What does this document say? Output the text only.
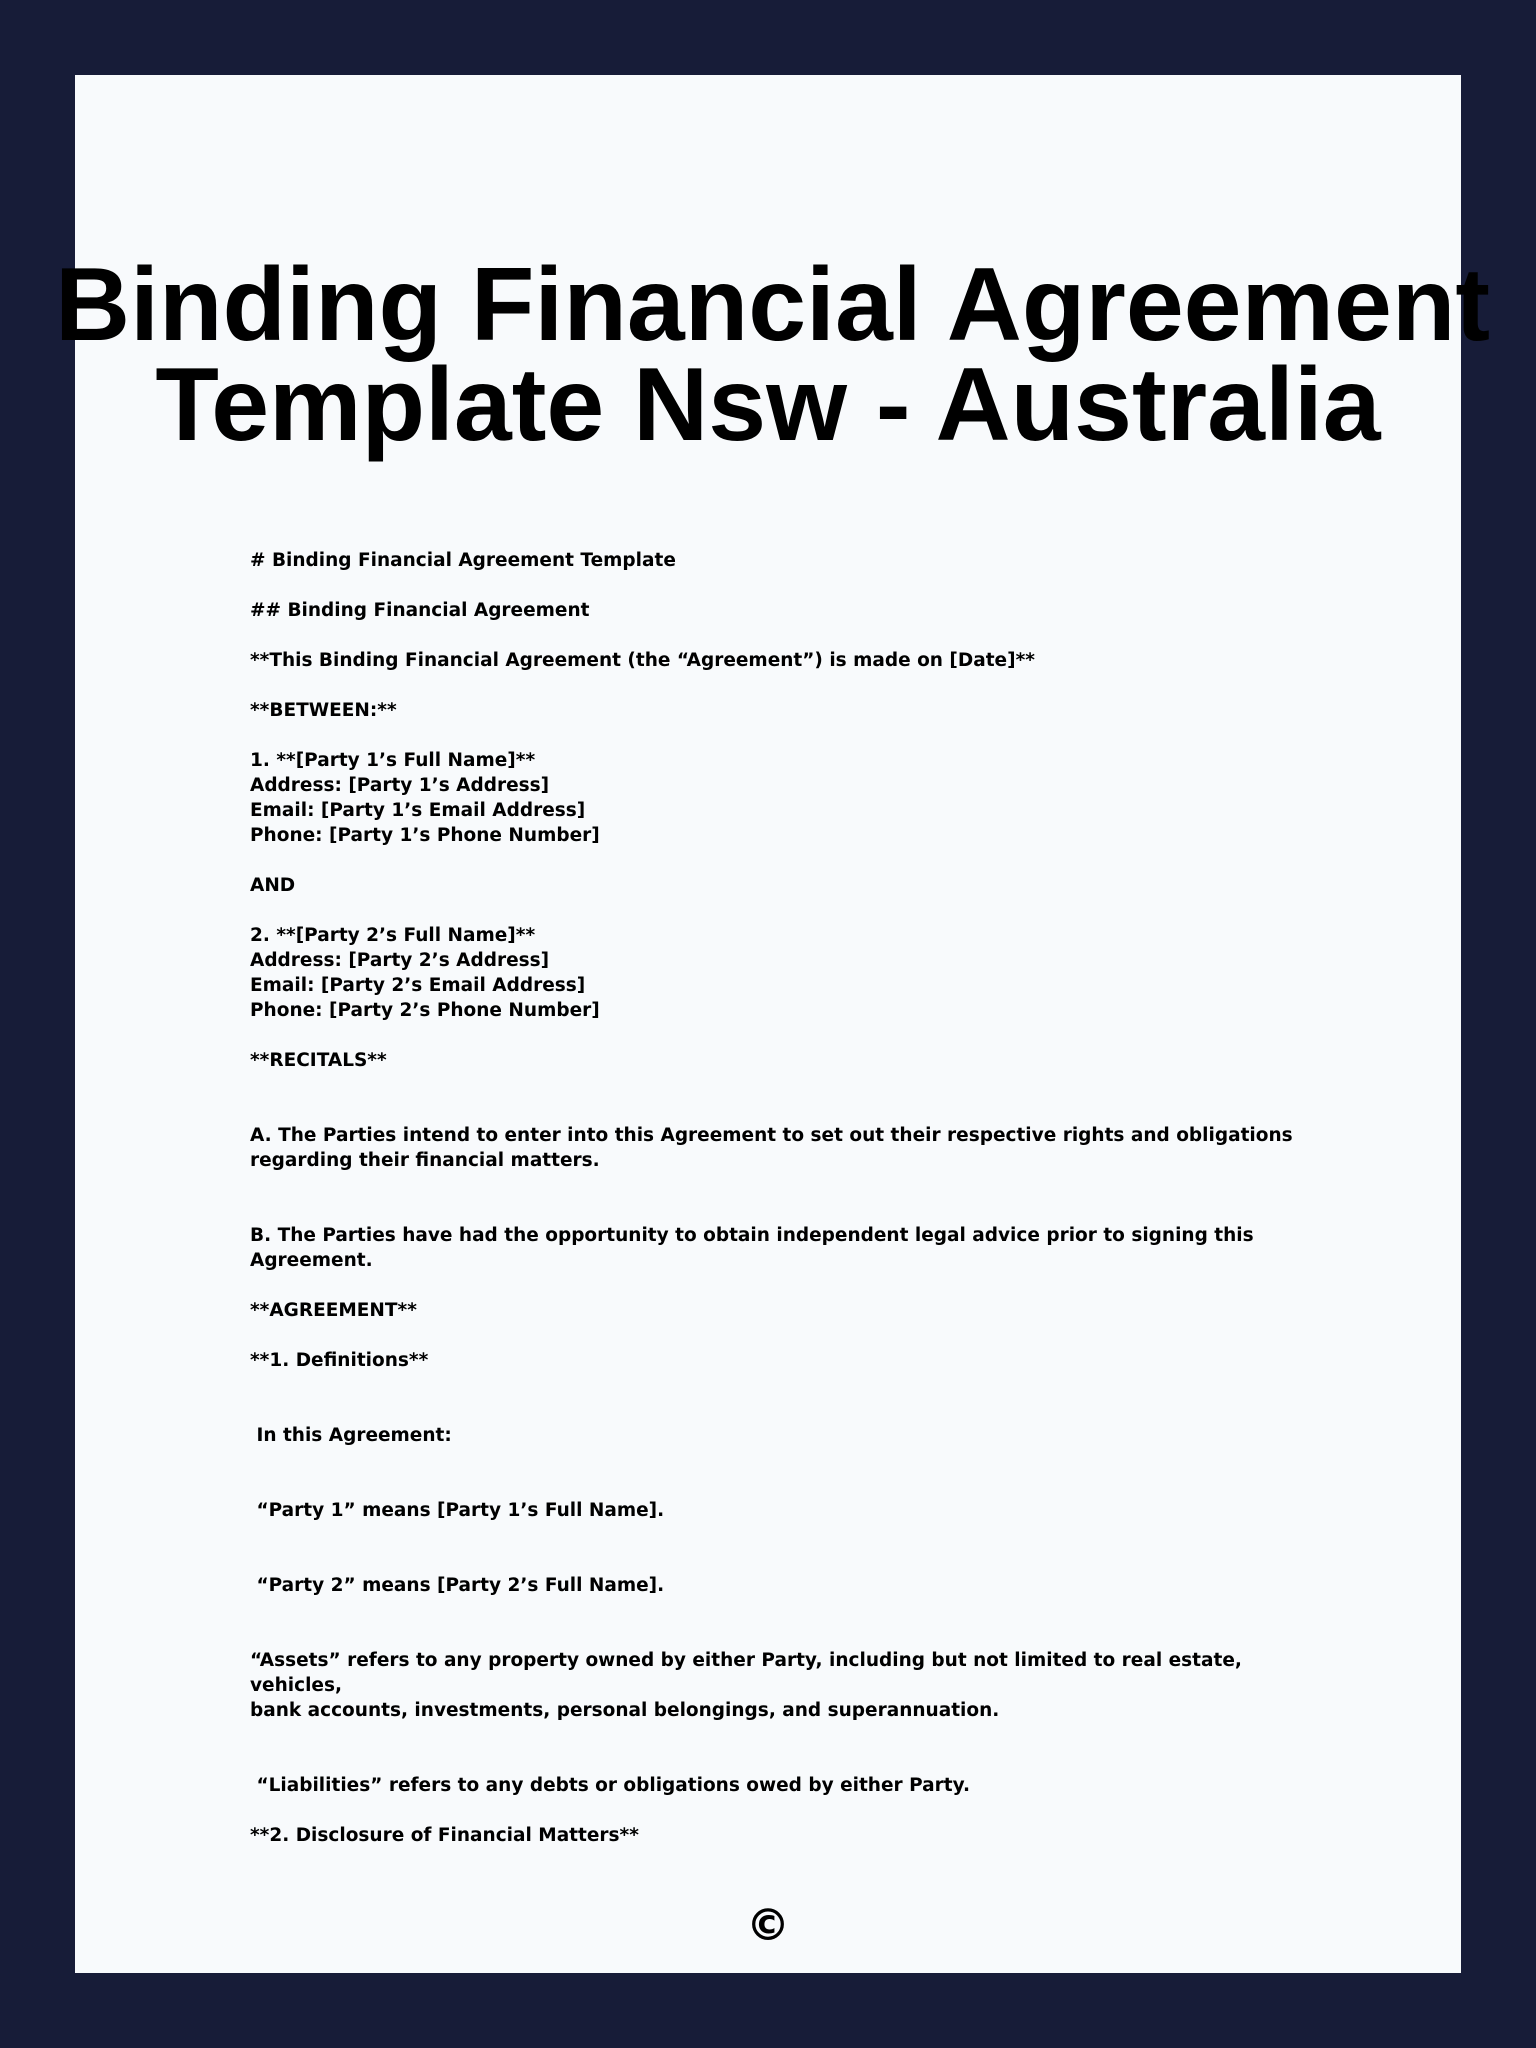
Binding Financial Agreement
Template Nsw - Australia

# Binding Financial Agreement Template

## Binding Financial Agreement

**This Binding Financial Agreement (the “Agreement”) is made on [Date]**

**BETWEEN:**

1. **[Party 1’s Full Name]**

Address: [Party 1’s Address]

Email: [Party 1’s Email Address]

Phone: [Party 1’s Phone Number]

AND

2. **[Party 2’s Full Name]**

Address: [Party 2’s Address]

Email: [Party 2’s Email Address]

Phone: [Party 2’s Phone Number]

**RECITALS**

A. The Parties intend to enter into this Agreement to set out their respective rights and obligations

regarding their financial matters.

B. The Parties have had the opportunity to obtain independent legal advice prior to signing this Agreement.

**AGREEMENT**

**1. Definitions**

In this Agreement:

“Party 1” means [Party 1’s Full Name].

“Party 2” means [Party 2’s Full Name].

“Assets” refers to any property owned by either Party, including but not limited to real estate, vehicles,

bank accounts, investments, personal belongings, and superannuation.

“Liabilities” refers to any debts or obligations owed by either Party.

**2. Disclosure of Financial Matters**

©
